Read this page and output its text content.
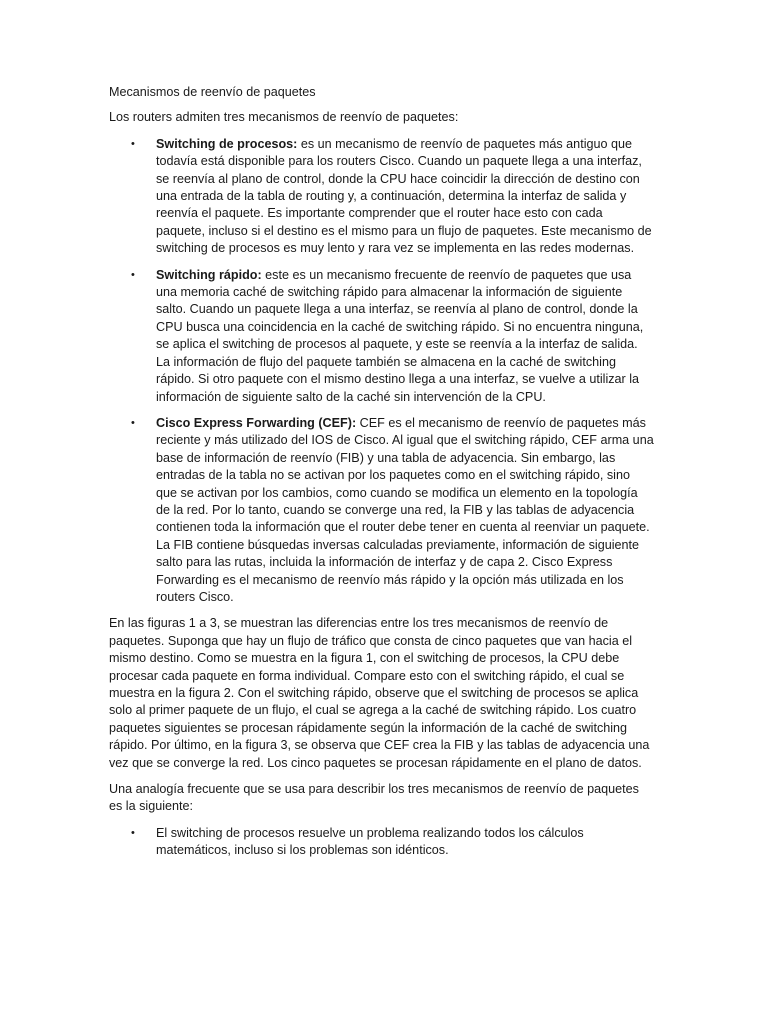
Mecanismos de reenvío de paquetes

Los routers admiten tres mecanismos de reenvío de paquetes:

• Switching de procesos: es un mecanismo de reenvío de paquetes más antiguo que todavía está disponible para los routers Cisco. Cuando un paquete llega a una interfaz, se reenvía al plano de control, donde la CPU hace coincidir la dirección de destino con una entrada de la tabla de routing y, a continuación, determina la interfaz de salida y reenvía el paquete. Es importante comprender que el router hace esto con cada paquete, incluso si el destino es el mismo para un flujo de paquetes. Este mecanismo de switching de procesos es muy lento y rara vez se implementa en las redes modernas.
• Switching rápido: este es un mecanismo frecuente de reenvío de paquetes que usa una memoria caché de switching rápido para almacenar la información de siguiente salto. Cuando un paquete llega a una interfaz, se reenvía al plano de control, donde la CPU busca una coincidencia en la caché de switching rápido. Si no encuentra ninguna, se aplica el switching de procesos al paquete, y este se reenvía a la interfaz de salida. La información de flujo del paquete también se almacena en la caché de switching rápido. Si otro paquete con el mismo destino llega a una interfaz, se vuelve a utilizar la información de siguiente salto de la caché sin intervención de la CPU.
• Cisco Express Forwarding (CEF): CEF es el mecanismo de reenvío de paquetes más reciente y más utilizado del IOS de Cisco. Al igual que el switching rápido, CEF arma una base de información de reenvío (FIB) y una tabla de adyacencia. Sin embargo, las entradas de la tabla no se activan por los paquetes como en el switching rápido, sino que se activan por los cambios, como cuando se modifica un elemento en la topología de la red. Por lo tanto, cuando se converge una red, la FIB y las tablas de adyacencia contienen toda la información que el router debe tener en cuenta al reenviar un paquete. La FIB contiene búsquedas inversas calculadas previamente, información de siguiente salto para las rutas, incluida la información de interfaz y de capa 2. Cisco Express Forwarding es el mecanismo de reenvío más rápido y la opción más utilizada en los routers Cisco.

En las figuras 1 a 3, se muestran las diferencias entre los tres mecanismos de reenvío de paquetes. Suponga que hay un flujo de tráfico que consta de cinco paquetes que van hacia el mismo destino. Como se muestra en la figura 1, con el switching de procesos, la CPU debe procesar cada paquete en forma individual. Compare esto con el switching rápido, el cual se muestra en la figura 2. Con el switching rápido, observe que el switching de procesos se aplica solo al primer paquete de un flujo, el cual se agrega a la caché de switching rápido. Los cuatro paquetes siguientes se procesan rápidamente según la información de la caché de switching rápido. Por último, en la figura 3, se observa que CEF crea la FIB y las tablas de adyacencia una vez que se converge la red. Los cinco paquetes se procesan rápidamente en el plano de datos.

Una analogía frecuente que se usa para describir los tres mecanismos de reenvío de paquetes es la siguiente:

• El switching de procesos resuelve un problema realizando todos los cálculos matemáticos, incluso si los problemas son idénticos.
